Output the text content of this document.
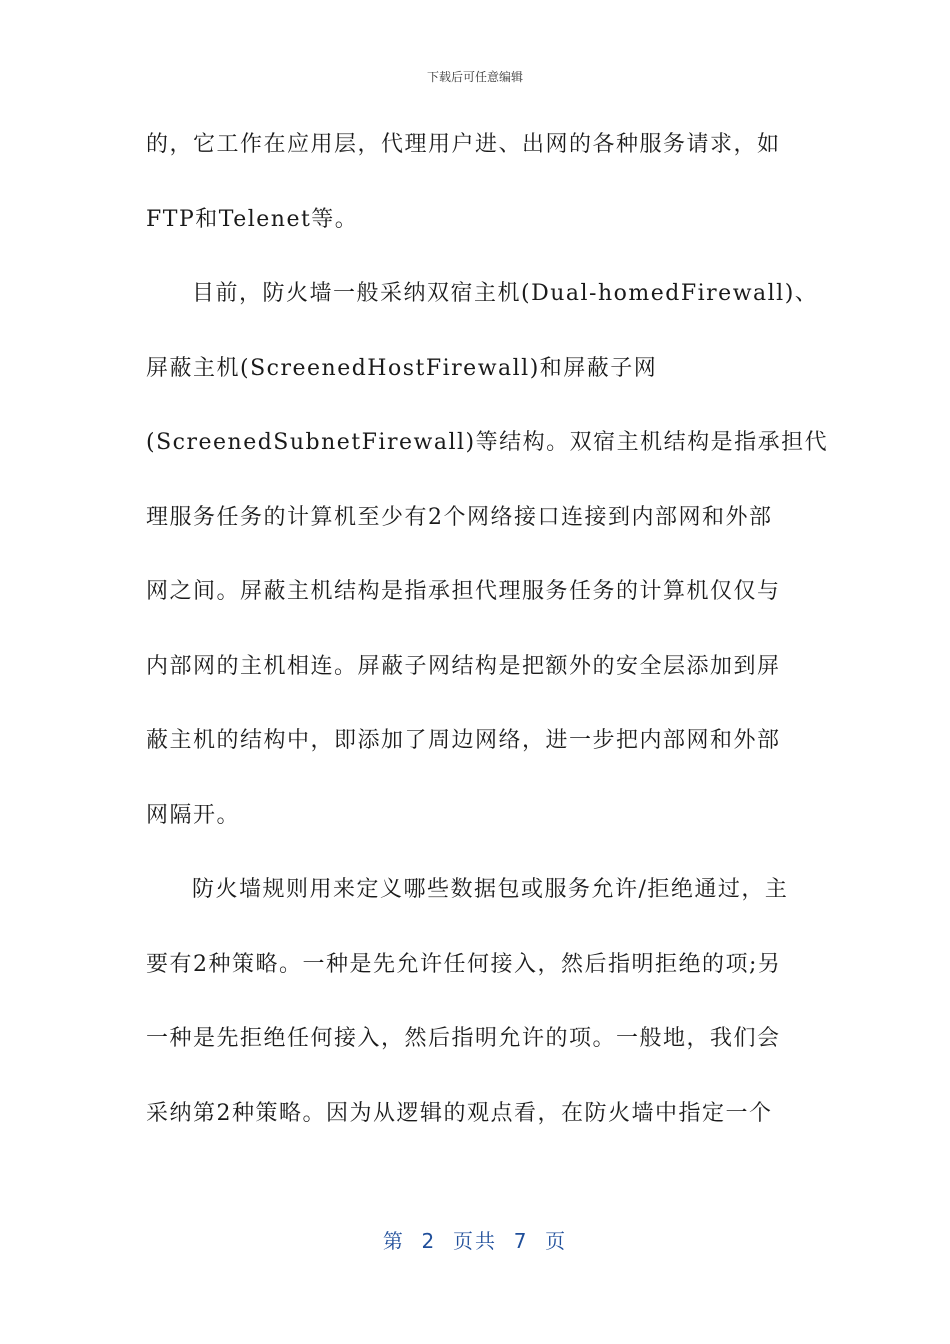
下载后可任意编辑
的，它工作在应用层，代理用户进、出网的各种服务请求，如
FTP和Telenet等。
目前，防火墙一般采纳双宿主机(Dual-homedFirewall)、
屏蔽主机(ScreenedHostFirewall)和屏蔽子网
(ScreenedSubnetFirewall)等结构。双宿主机结构是指承担代
理服务任务的计算机至少有2个网络接口连接到内部网和外部
网之间。屏蔽主机结构是指承担代理服务任务的计算机仅仅与
内部网的主机相连。屏蔽子网结构是把额外的安全层添加到屏
蔽主机的结构中，即添加了周边网络，进一步把内部网和外部
网隔开。
防火墙规则用来定义哪些数据包或服务允许/拒绝通过，主
要有2种策略。一种是先允许任何接入，然后指明拒绝的项;另
一种是先拒绝任何接入，然后指明允许的项。一般地，我们会
采纳第2种策略。因为从逻辑的观点看，在防火墙中指定一个
第  2  页共  7  页
